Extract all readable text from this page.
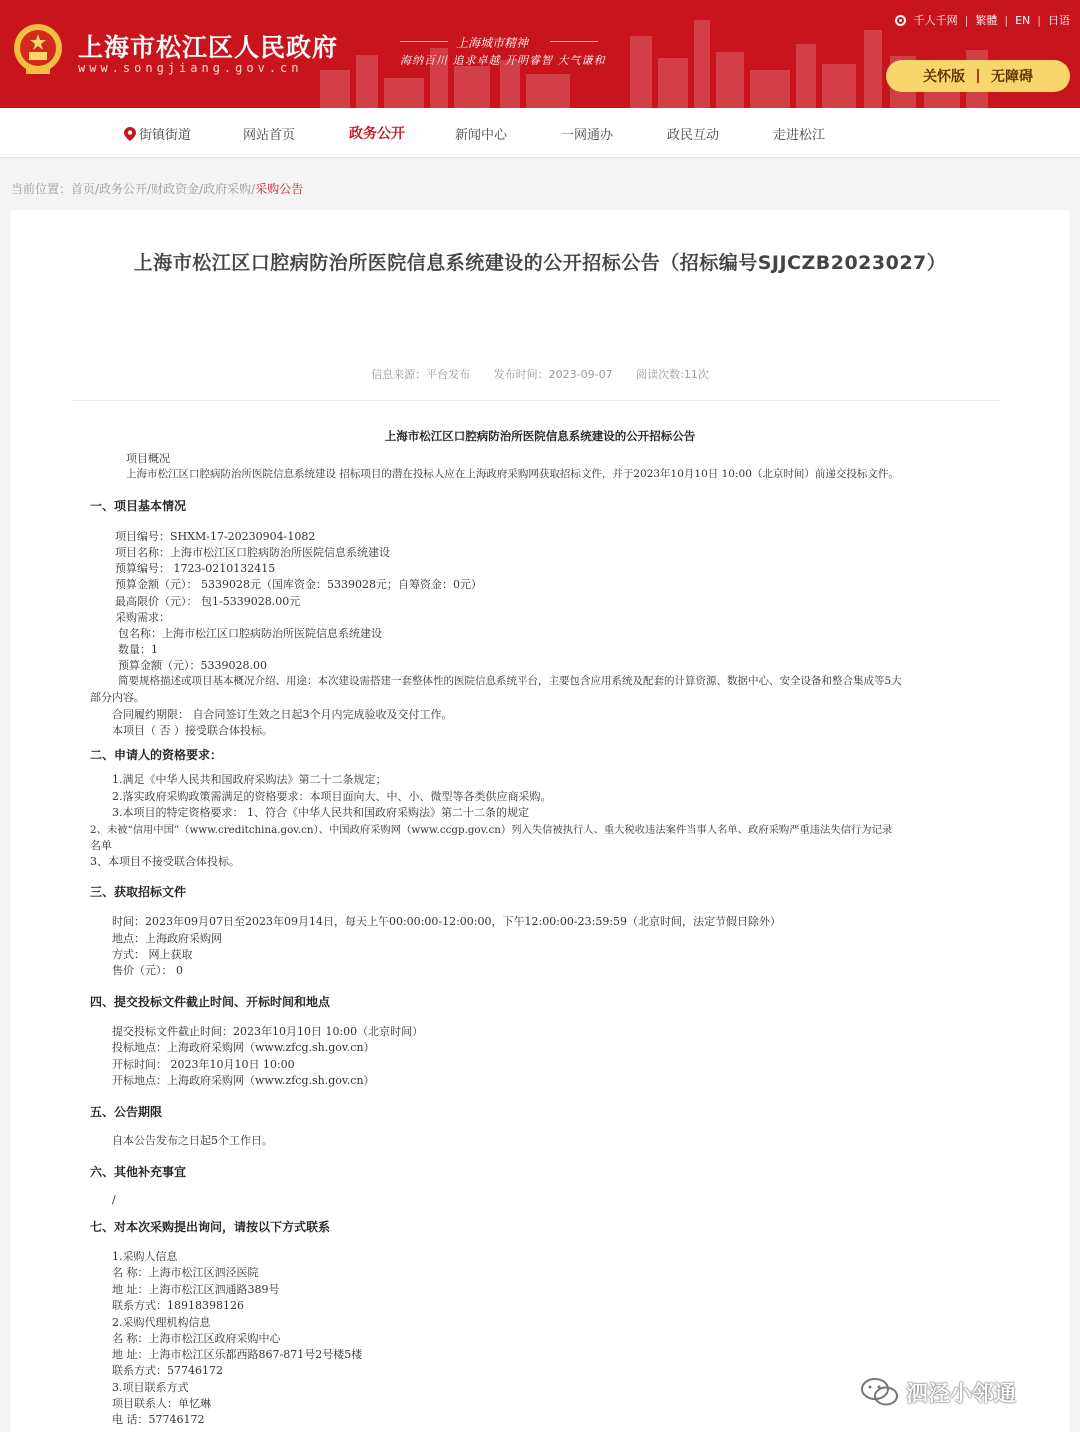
上海市松江区人民政府
www.songjiang.gov.cn
上海城市精神
海纳百川 追求卓越 开明睿智 大气谦和
千人千网 | 繁體 | EN | 日语
关怀版 无障碍
街镇街道	网站首页	政务公开	新闻中心	一网通办	政民互动	走进松江
当前位置：首页/政务公开/财政资金/政府采购/采购公告
上海市松江区口腔病防治所医院信息系统建设的公开招标公告（招标编号SJJCZB2023027）
信息来源：平台发布 发布时间：2023-09-07 阅读次数:11次
上海市松江区口腔病防治所医院信息系统建设的公开招标公告
项目概况
上海市松江区口腔病防治所医院信息系统建设 招标项目的潜在投标人应在上海政府采购网获取招标文件，并于2023年10月10日 10:00（北京时间）前递交投标文件。
一、项目基本情况
项目编号：SHXM-17-20230904-1082
项目名称：上海市松江区口腔病防治所医院信息系统建设
预算编号： 1723-0210132415
预算金额（元）： 5339028元（国库资金：5339028元；自筹资金：0元）
最高限价（元）： 包1-5339028.00元
采购需求：
包名称：上海市松江区口腔病防治所医院信息系统建设
数量：1
预算金额（元）：5339028.00
简要规格描述或项目基本概况介绍、用途：本次建设需搭建一套整体性的医院信息系统平台，主要包含应用系统及配套的计算资源、数据中心、安全设备和整合集成等5大
部分内容。
合同履约期限： 自合同签订生效之日起3个月内完成验收及交付工作。
本项目（ 否 ）接受联合体投标。
二、申请人的资格要求：
1.满足《中华人民共和国政府采购法》第二十二条规定；
2.落实政府采购政策需满足的资格要求：本项目面向大、中、小、微型等各类供应商采购。
3.本项目的特定资格要求： 1、符合《中华人民共和国政府采购法》第二十二条的规定
2、未被“信用中国”（www.creditchina.gov.cn）、中国政府采购网（www.ccgp.gov.cn）列入失信被执行人、重大税收违法案件当事人名单、政府采购严重违法失信行为记录
名单
3、本项目不接受联合体投标。
三、获取招标文件
时间：2023年09月07日至2023年09月14日，每天上午00:00:00-12:00:00，下午12:00:00-23:59:59（北京时间，法定节假日除外）
地点：上海政府采购网
方式： 网上获取
售价（元）： 0
四、提交投标文件截止时间、开标时间和地点
提交投标文件截止时间：2023年10月10日 10:00（北京时间）
投标地点：上海政府采购网（www.zfcg.sh.gov.cn）
开标时间： 2023年10月10日 10:00
开标地点：上海政府采购网（www.zfcg.sh.gov.cn）
五、公告期限
自本公告发布之日起5个工作日。
六、其他补充事宜
/
七、对本次采购提出询问，请按以下方式联系
1.采购人信息
名 称：上海市松江区泗泾医院
地 址：上海市松江区泗通路389号
联系方式：18918398126
2.采购代理机构信息
名 称：上海市松江区政府采购中心
地 址：上海市松江区乐都西路867-871号2号楼5楼
联系方式：57746172
3.项目联系方式
项目联系人：单忆琳
电 话：57746172
泗泾小邻通
